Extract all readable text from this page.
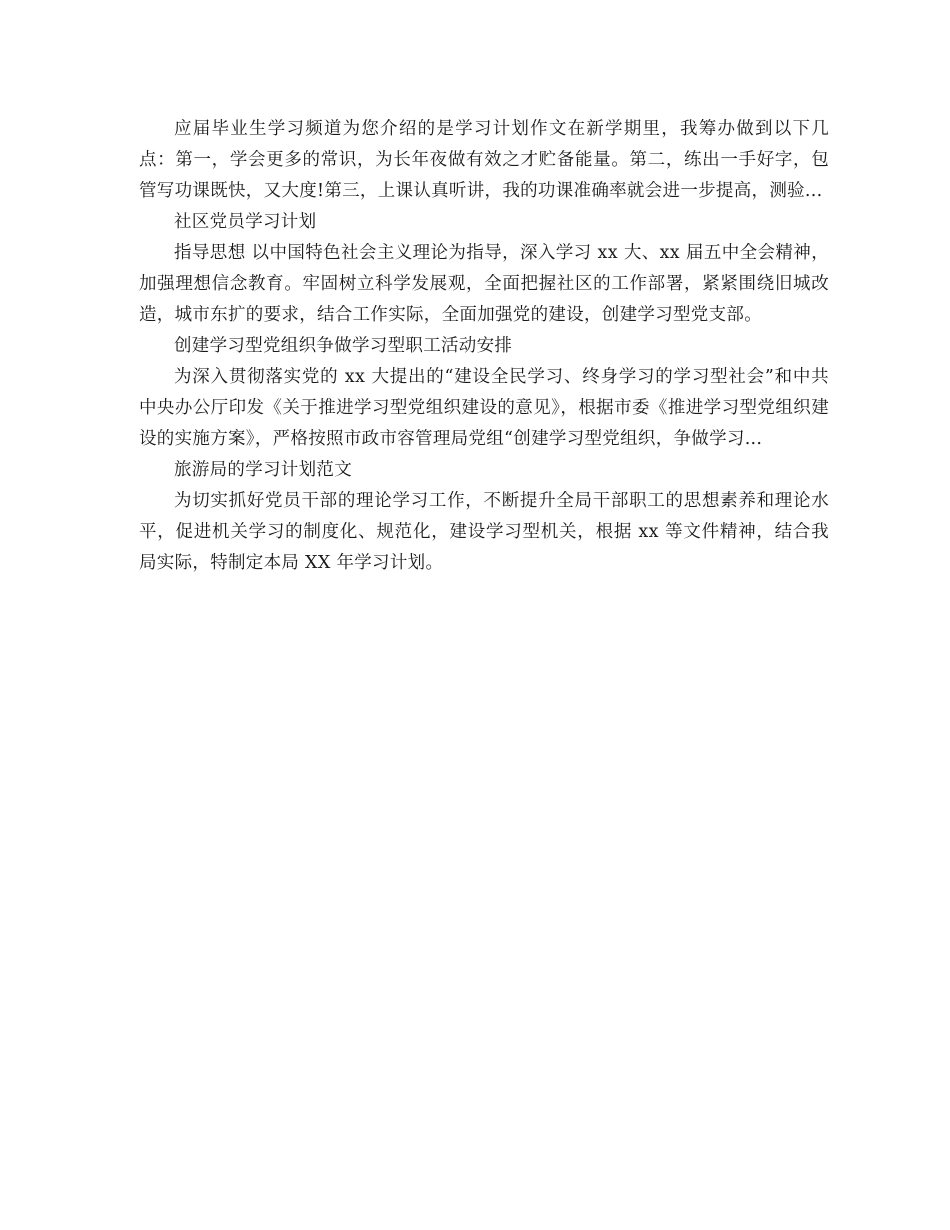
应届毕业生学习频道为您介绍的是学习计划作文在新学期里，我筹办做到以下几点：第一，学会更多的常识，为长年夜做有效之才贮备能量。第二，练出一手好字，包管写功课既快，又大度!第三，上课认真听讲，我的功课准确率就会进一步提高，测验...

社区党员学习计划

指导思想 以中国特色社会主义理论为指导，深入学习 xx 大、xx 届五中全会精神，加强理想信念教育。牢固树立科学发展观，全面把握社区的工作部署，紧紧围绕旧城改造，城市东扩的要求，结合工作实际，全面加强党的建设，创建学习型党支部。

创建学习型党组织争做学习型职工活动安排

为深入贯彻落实党的 xx 大提出的“建设全民学习、终身学习的学习型社会”和中共中央办公厅印发《关于推进学习型党组织建设的意见》，根据市委《推进学习型党组织建设的实施方案》，严格按照市政市容管理局党组“创建学习型党组织，争做学习...

旅游局的学习计划范文

为切实抓好党员干部的理论学习工作，不断提升全局干部职工的思想素养和理论水平，促进机关学习的制度化、规范化，建设学习型机关，根据 xx 等文件精神，结合我局实际，特制定本局 XX 年学习计划。
